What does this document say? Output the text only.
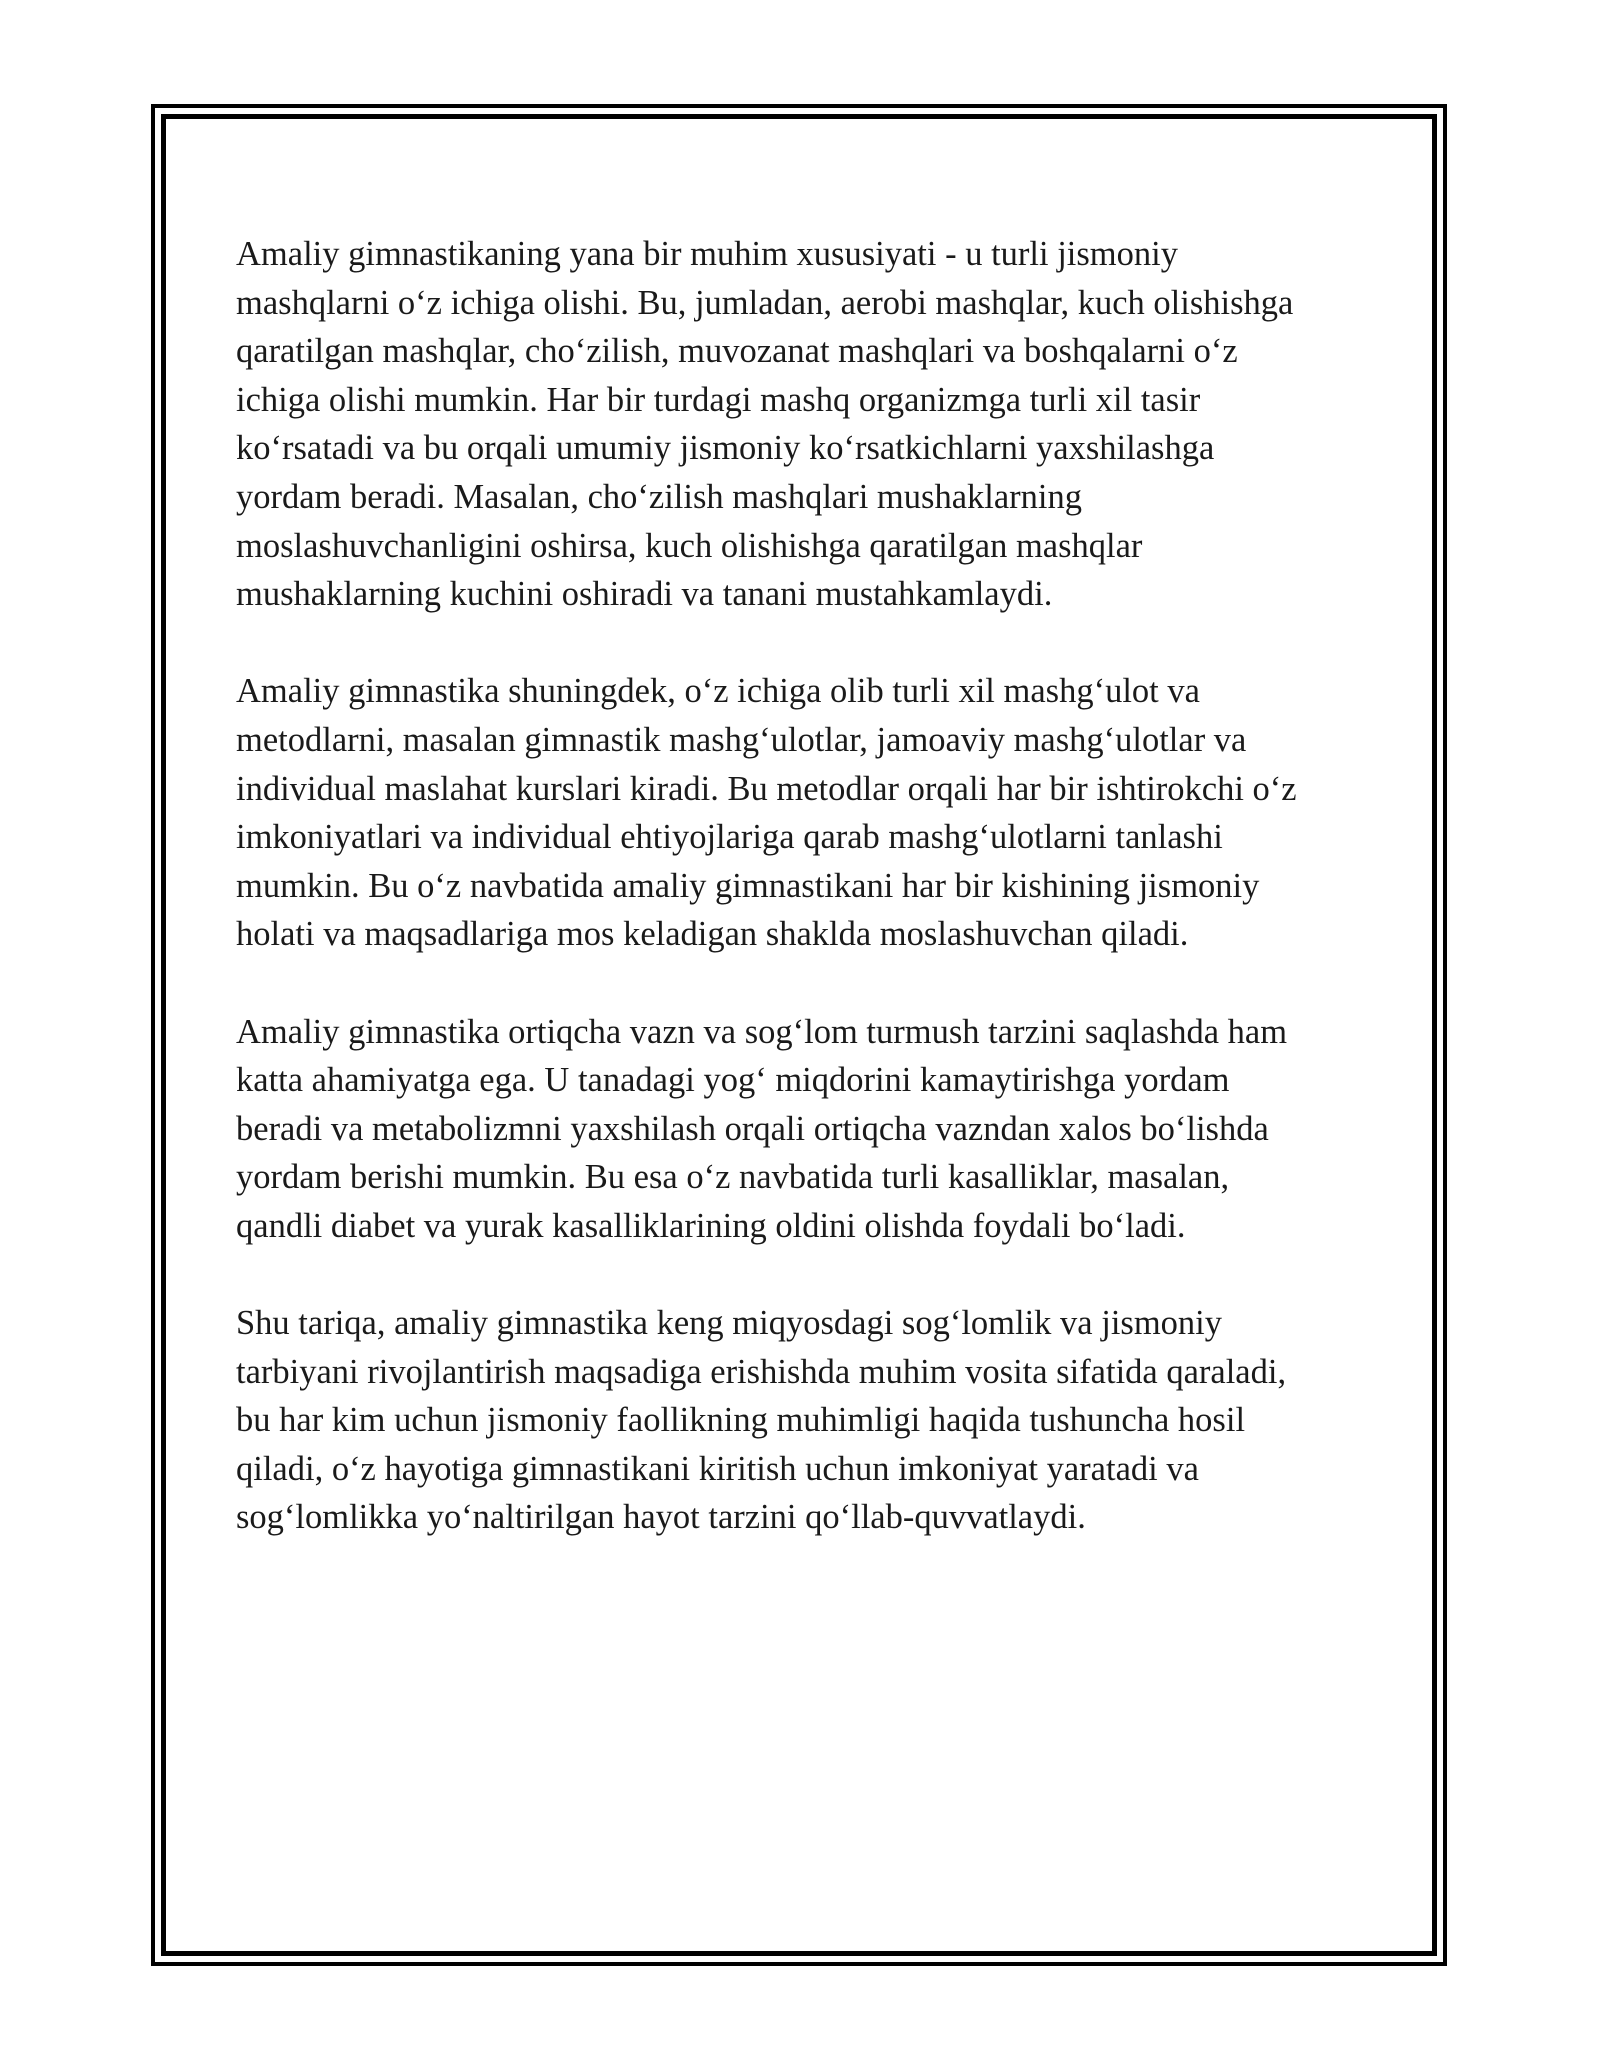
Amaliy gimnastikaning yana bir muhim xususiyati - u turli jismoniy
mashqlarni o‘z ichiga olishi. Bu, jumladan, aerobi mashqlar, kuch olishishga
qaratilgan mashqlar, cho‘zilish, muvozanat mashqlari va boshqalarni o‘z
ichiga olishi mumkin. Har bir turdagi mashq organizmga turli xil tasir
ko‘rsatadi va bu orqali umumiy jismoniy ko‘rsatkichlarni yaxshilashga
yordam beradi. Masalan, cho‘zilish mashqlari mushaklarning
moslashuvchanligini oshirsa, kuch olishishga qaratilgan mashqlar
mushaklarning kuchini oshiradi va tanani mustahkamlaydi.

Amaliy gimnastika shuningdek, o‘z ichiga olib turli xil mashg‘ulot va
metodlarni, masalan gimnastik mashg‘ulotlar, jamoaviy mashg‘ulotlar va
individual maslahat kurslari kiradi. Bu metodlar orqali har bir ishtirokchi o‘z
imkoniyatlari va individual ehtiyojlariga qarab mashg‘ulotlarni tanlashi
mumkin. Bu o‘z navbatida amaliy gimnastikani har bir kishining jismoniy
holati va maqsadlariga mos keladigan shaklda moslashuvchan qiladi.

Amaliy gimnastika ortiqcha vazn va sog‘lom turmush tarzini saqlashda ham
katta ahamiyatga ega. U tanadagi yog‘ miqdorini kamaytirishga yordam
beradi va metabolizmni yaxshilash orqali ortiqcha vazndan xalos bo‘lishda
yordam berishi mumkin. Bu esa o‘z navbatida turli kasalliklar, masalan,
qandli diabet va yurak kasalliklarining oldini olishda foydali bo‘ladi.

Shu tariqa, amaliy gimnastika keng miqyosdagi sog‘lomlik va jismoniy
tarbiyani rivojlantirish maqsadiga erishishda muhim vosita sifatida qaraladi,
bu har kim uchun jismoniy faollikning muhimligi haqida tushuncha hosil
qiladi, o‘z hayotiga gimnastikani kiritish uchun imkoniyat yaratadi va
sog‘lomlikka yo‘naltirilgan hayot tarzini qo‘llab-quvvatlaydi.
